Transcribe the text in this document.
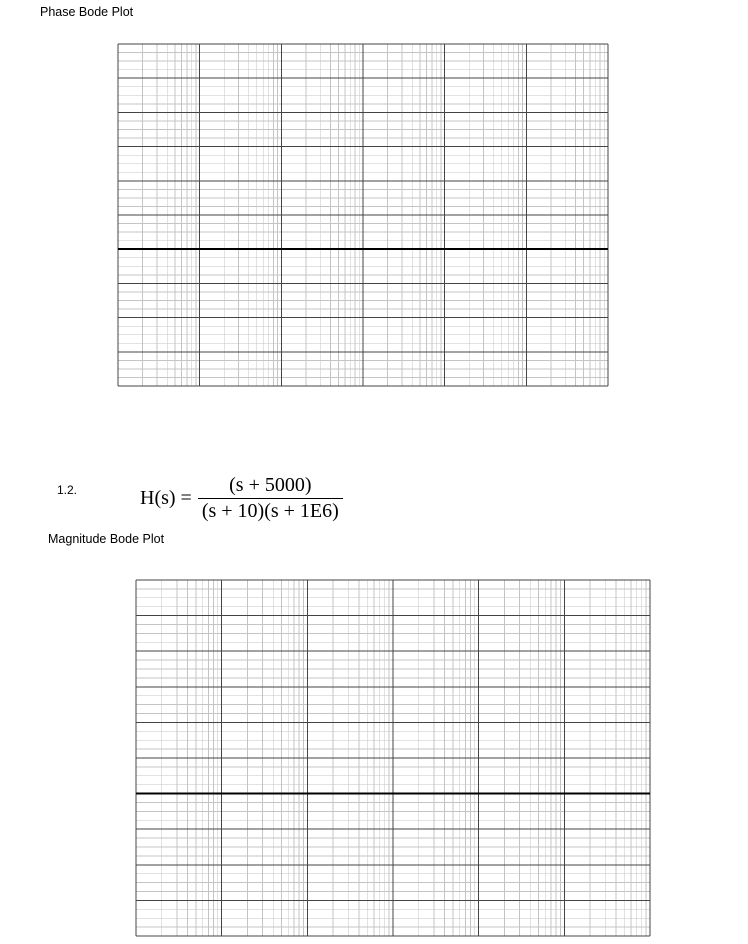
Phase Bode Plot
1.2.	$H(s) = \frac{(s + 5000)}{(s + 10)(s + 1E6)}$
Magnitude Bode Plot
